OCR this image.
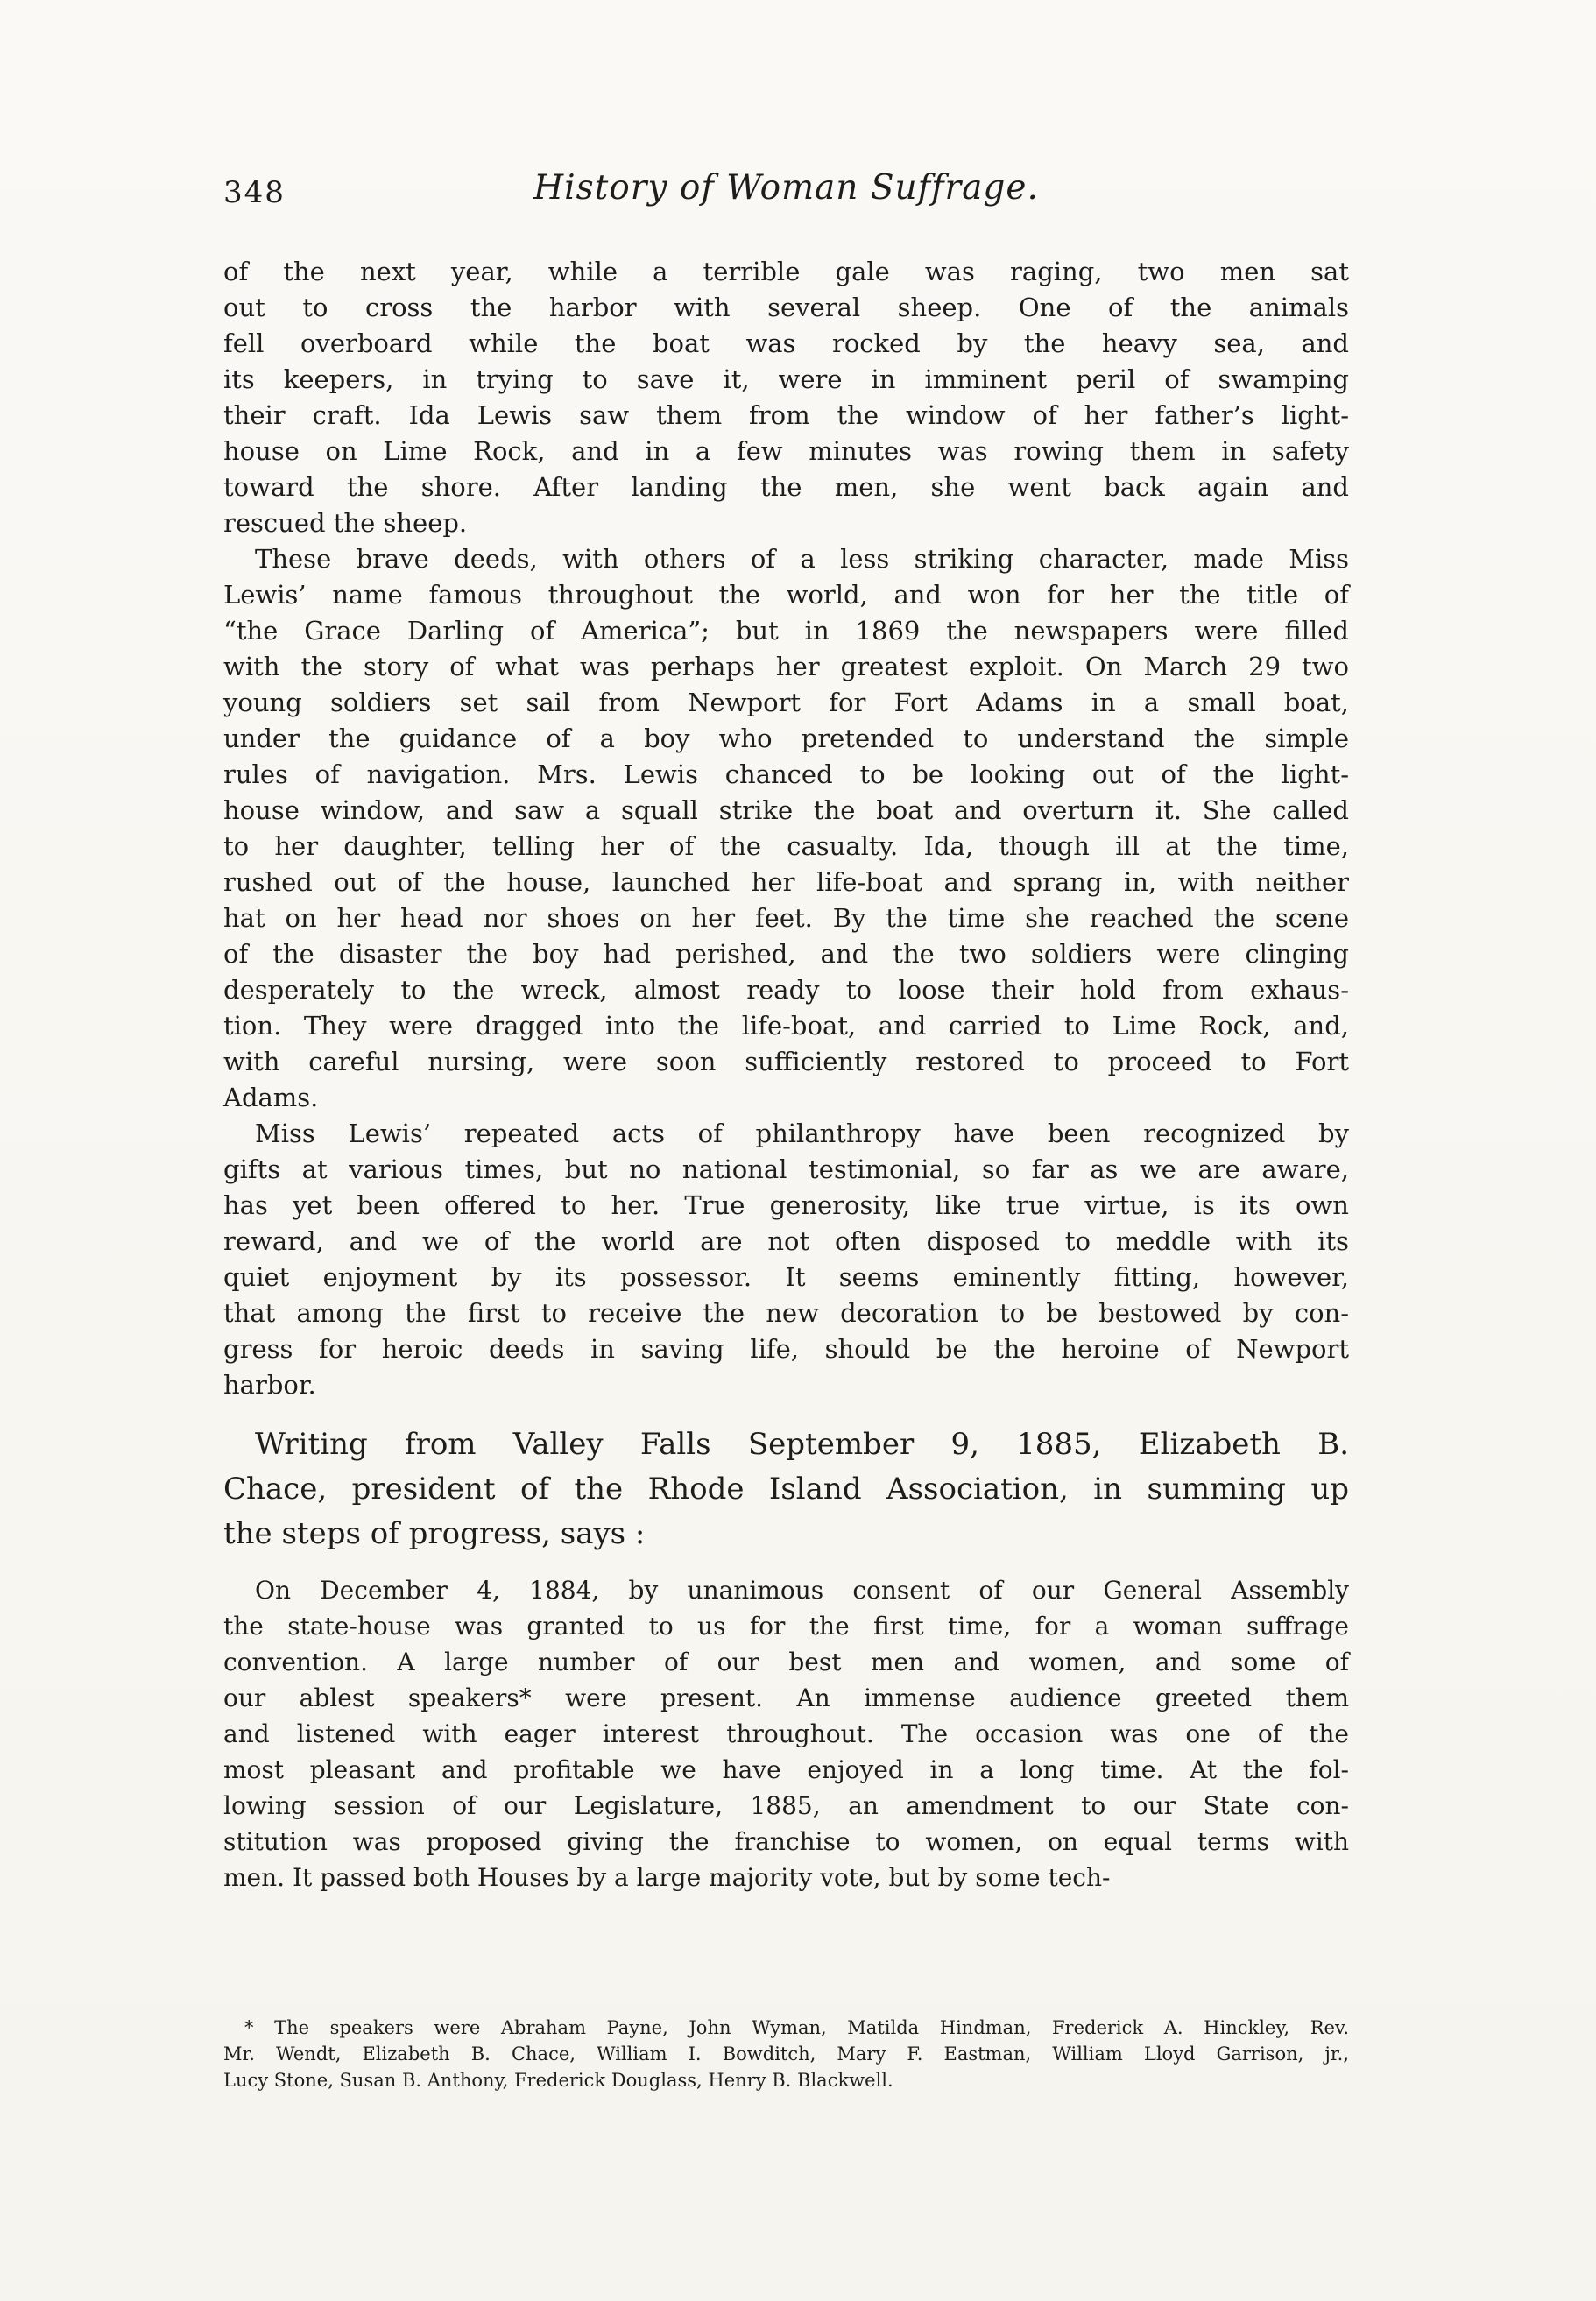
348	History of Woman Suffrage.
of the next year, while a terrible gale was raging, two men sat
out to cross the harbor with several sheep. One of the animals
fell overboard while the boat was rocked by the heavy sea, and
its keepers, in trying to save it, were in imminent peril of swamping
their craft. Ida Lewis saw them from the window of her father’s light-
house on Lime Rock, and in a few minutes was rowing them in safety
toward the shore. After landing the men, she went back again and
rescued the sheep.
These brave deeds, with others of a less striking character, made Miss
Lewis’ name famous throughout the world, and won for her the title of
“the Grace Darling of America”; but in 1869 the newspapers were filled
with the story of what was perhaps her greatest exploit. On March 29 two
young soldiers set sail from Newport for Fort Adams in a small boat,
under the guidance of a boy who pretended to understand the simple
rules of navigation. Mrs. Lewis chanced to be looking out of the light-
house window, and saw a squall strike the boat and overturn it. She called
to her daughter, telling her of the casualty. Ida, though ill at the time,
rushed out of the house, launched her life-boat and sprang in, with neither
hat on her head nor shoes on her feet. By the time she reached the scene
of the disaster the boy had perished, and the two soldiers were clinging
desperately to the wreck, almost ready to loose their hold from exhaus-
tion. They were dragged into the life-boat, and carried to Lime Rock, and,
with careful nursing, were soon sufficiently restored to proceed to Fort
Adams.
Miss Lewis’ repeated acts of philanthropy have been recognized by
gifts at various times, but no national testimonial, so far as we are aware,
has yet been offered to her. True generosity, like true virtue, is its own
reward, and we of the world are not often disposed to meddle with its
quiet enjoyment by its possessor. It seems eminently fitting, however,
that among the first to receive the new decoration to be bestowed by con-
gress for heroic deeds in saving life, should be the heroine of Newport
harbor.
Writing from Valley Falls September 9, 1885, Elizabeth B.
Chace, president of the Rhode Island Association, in summing up
the steps of progress, says :
On December 4, 1884, by unanimous consent of our General Assembly
the state-house was granted to us for the first time, for a woman suffrage
convention. A large number of our best men and women, and some of
our ablest speakers* were present. An immense audience greeted them
and listened with eager interest throughout. The occasion was one of the
most pleasant and profitable we have enjoyed in a long time. At the fol-
lowing session of our Legislature, 1885, an amendment to our State con-
stitution was proposed giving the franchise to women, on equal terms with
men. It passed both Houses by a large majority vote, but by some tech-
* The speakers were Abraham Payne, John Wyman, Matilda Hindman, Frederick A. Hinckley, Rev.
Mr. Wendt, Elizabeth B. Chace, William I. Bowditch, Mary F. Eastman, William Lloyd Garrison, jr.,
Lucy Stone, Susan B. Anthony, Frederick Douglass, Henry B. Blackwell.
